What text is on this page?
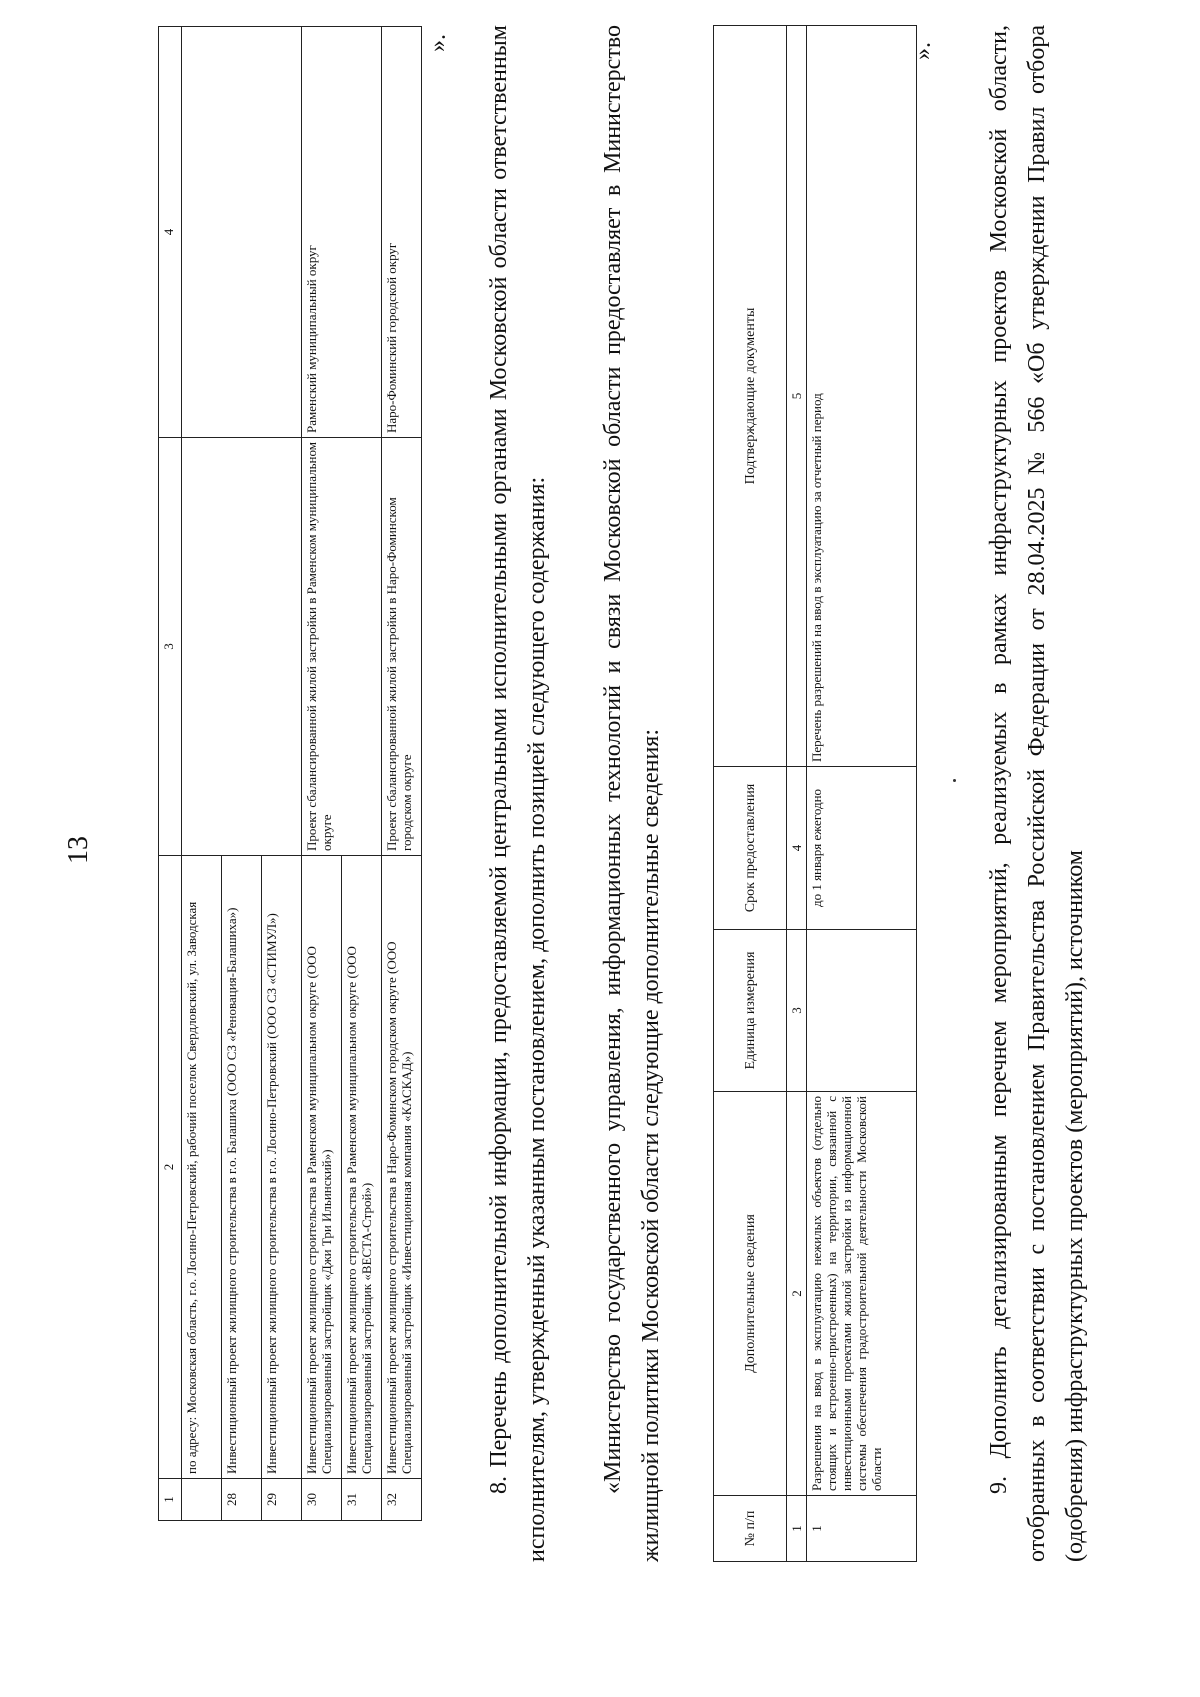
13
1	2	3	4
	по адресу: Московская область, г.о. Лосино-Петровский, рабочий поселок Свердловский, ул. Заводская		
28	Инвестиционный проект жилищного строительства в г.о. Балашиха (ООО СЗ «Реновация-Балашиха»)		
29	Инвестиционный проект жилищного строительства в г.о. Лосино-Петровский (ООО СЗ «СТИМУЛ»)		
30	Инвестиционный проект жилищного строительства в Раменском муниципальном округе (ООО Специализированный застройщик «Джи Три Ильинский»)	Проект сбалансированной жилой застройки в Раменском муниципальном округе	Раменский муниципальный округ
31	Инвестиционный проект жилищного строительства в Раменском муниципальном округе (ООО Специализированный застройщик «ВЕСТА-Строй»)		
32	Инвестиционный проект жилищного строительства в Наро-Фоминском городском округе (ООО Специализированный застройщик «Инвестиционная компания «КАСКАД»)	Проект сбалансированной жилой застройки в Наро-Фоминском городском округе	Наро-Фоминский городской округ
». 8. Перечень дополнительной информации, предоставляемой центральными исполнительными органами Московской области ответственным исполнителям, утвержденный указанным постановлением, дополнить позицией следующего содержания: «Министерство государственного управления, информационных технологий и связи Московской области предоставляет в Министерство жилищной политики Московской области следующие дополнительные сведения:	№ п/п	Дополнительные сведения	Единица измерения	Срок предоставления	Подтверждающие документы
1	2	3	4	5
1	Разрешения на ввод в эксплуатацию нежилых объектов (отдельно стоящих и встроенно-пристроенных) на территории, связанной с инвестиционными проектами жилой застройки из информационной системы обеспечения градостроительной деятельности Московской области		до 1 января ежегодно	Перечень разрешений на ввод в эксплуатацию за отчетный период
». 9. Дополнить детализированным перечнем мероприятий, реализуемых в рамках инфраструктурных проектов Московской области, отобранных в соответствии с постановлением Правительства Российской Федерации от 28.04.2025 № 566 «Об утверждении Правил отбора (одобрения) инфраструктурных проектов (мероприятий), источником
